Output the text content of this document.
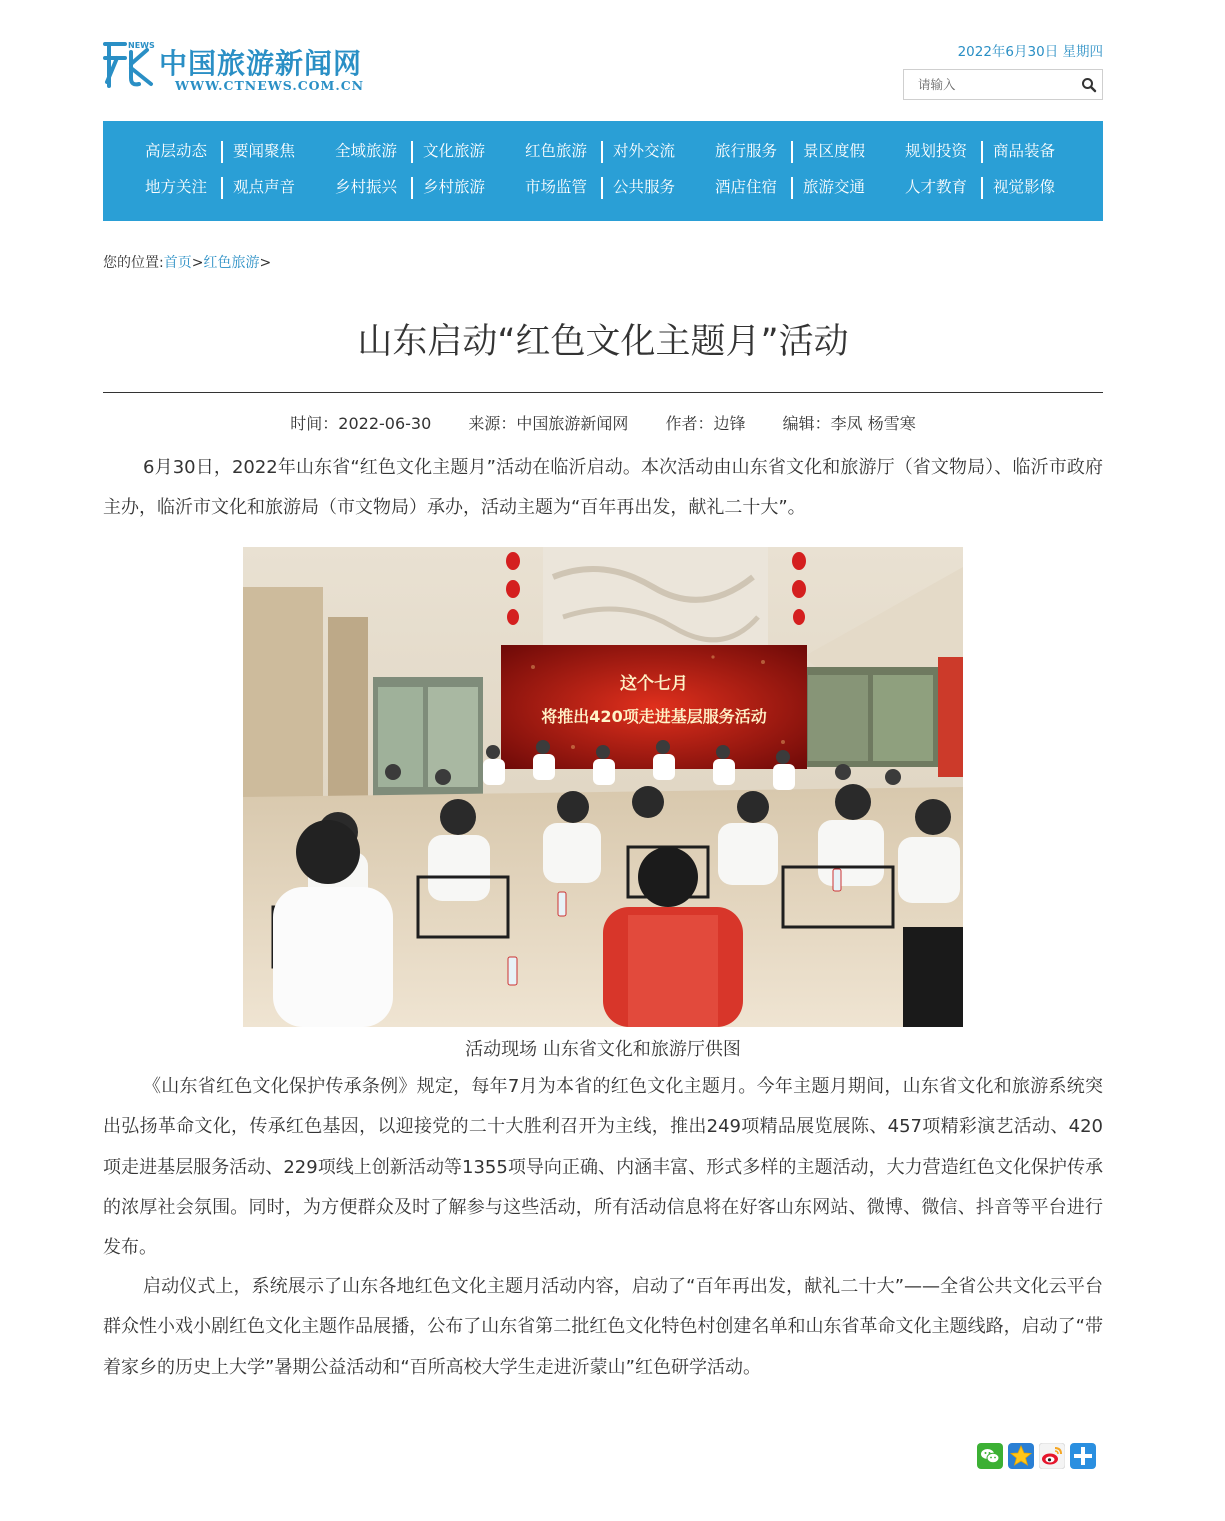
NEWS
中国旅游新闻网
WWW.CTNEWS.COM.CN
2022年6月30日 星期四
请输入
高层动态 要闻聚焦	全域旅游 文化旅游	红色旅游 对外交流	旅行服务 景区度假	规划投资 商品装备
地方关注 观点声音	乡村振兴 乡村旅游	市场监管 公共服务	酒店住宿 旅游交通	人才教育 视觉影像
您的位置:首页>红色旅游>
山东启动“红色文化主题月”活动
时间：2022-06-30 来源：中国旅游新闻网 作者：边锋 编辑：李凤 杨雪寒

6月30日，2022年山东省“红色文化主题月”活动在临沂启动。本次活动由山东省文化和旅游厅（省文物局）、临沂市政府主办，临沂市文化和旅游局（市文物局）承办，活动主题为“百年再出发，献礼二十大”。

这个七月
将推出420项走进基层服务活动
活动现场 山东省文化和旅游厅供图

《山东省红色文化保护传承条例》规定，每年7月为本省的红色文化主题月。今年主题月期间，山东省文化和旅游系统突出弘扬革命文化，传承红色基因，以迎接党的二十大胜利召开为主线，推出249项精品展览展陈、457项精彩演艺活动、420项走进基层服务活动、229项线上创新活动等1355项导向正确、内涵丰富、形式多样的主题活动，大力营造红色文化保护传承的浓厚社会氛围。同时，为方便群众及时了解参与这些活动，所有活动信息将在好客山东网站、微博、微信、抖音等平台进行发布。

启动仪式上，系统展示了山东各地红色文化主题月活动内容，启动了“百年再出发，献礼二十大”——全省公共文化云平台群众性小戏小剧红色文化主题作品展播，公布了山东省第二批红色文化特色村创建名单和山东省革命文化主题线路，启动了“带着家乡的历史上大学”暑期公益活动和“百所高校大学生走进沂蒙山”红色研学活动。
